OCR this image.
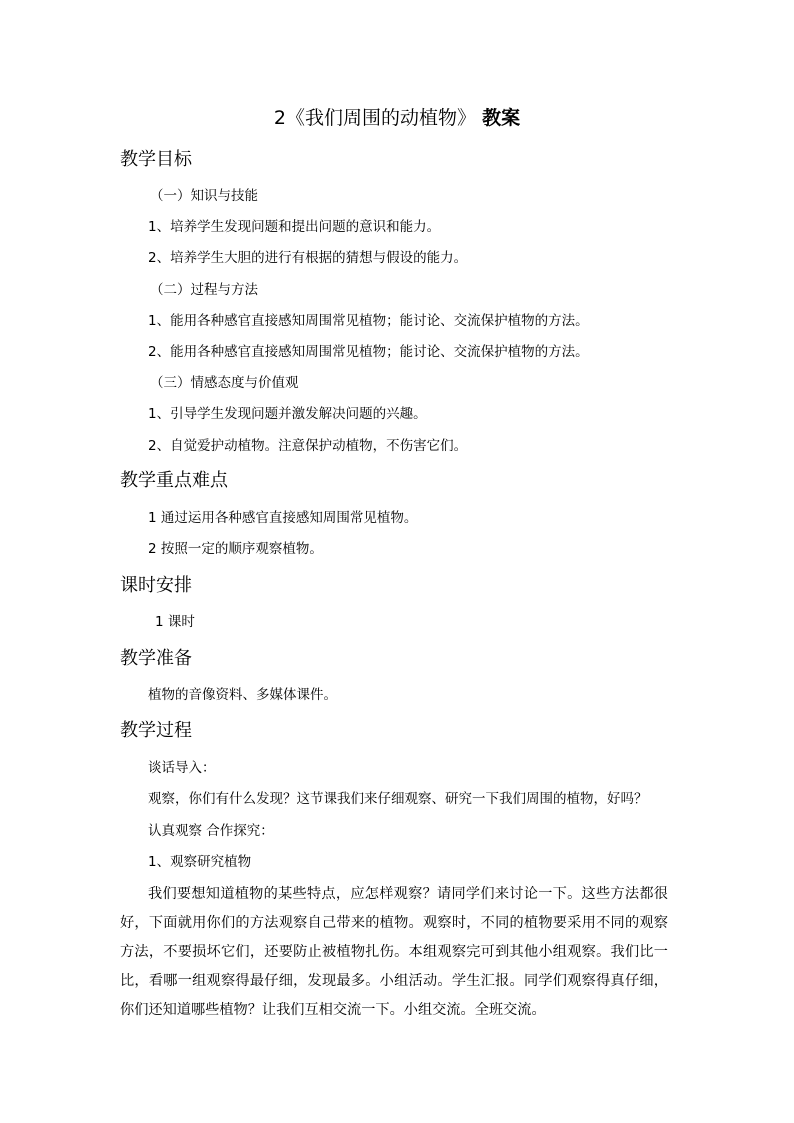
2《我们周围的动植物》 教案
教学目标
（一）知识与技能
1、培养学生发现问题和提出问题的意识和能力。
2、培养学生大胆的进行有根据的猜想与假设的能力。
（二）过程与方法
1、能用各种感官直接感知周围常见植物；能讨论、交流保护植物的方法。
2、能用各种感官直接感知周围常见植物；能讨论、交流保护植物的方法。
（三）情感态度与价值观
1、引导学生发现问题并激发解决问题的兴趣。
2、自觉爱护动植物。注意保护动植物，不伤害它们。
教学重点难点
1 通过运用各种感官直接感知周围常见植物。
2 按照一定的顺序观察植物。
课时安排
1 课时
教学准备
植物的音像资料、多媒体课件。
教学过程
谈话导入：
观察，你们有什么发现？这节课我们来仔细观察、研究一下我们周围的植物，好吗？
认真观察 合作探究：
1、观察研究植物
我们要想知道植物的某些特点，应怎样观察？请同学们来讨论一下。这些方法都很好，下面就用你们的方法观察自己带来的植物。观察时，不同的植物要采用不同的观察方法，不要损坏它们，还要防止被植物扎伤。本组观察完可到其他小组观察。我们比一比，看哪一组观察得最仔细，发现最多。小组活动。学生汇报。同学们观察得真仔细，你们还知道哪些植物？让我们互相交流一下。小组交流。全班交流。
